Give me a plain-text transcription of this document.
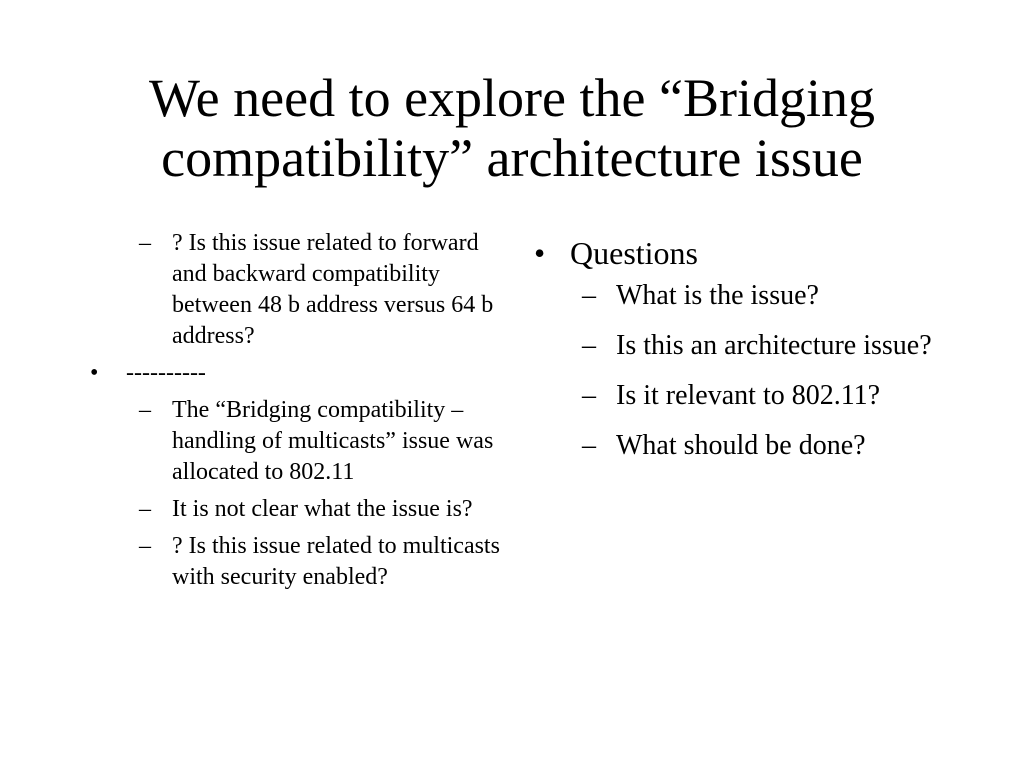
We need to explore the “Bridging
compatibility” architecture issue
– ? Is this issue related to forward and backward compatibility between 48 b address versus 64 b address?
• ----------
– The “Bridging compatibility – handling of multicasts” issue was allocated to 802.11
– It is not clear what the issue is?
– ? Is this issue related to multicasts with security enabled?
• Questions
– What is the issue?
– Is this an architecture issue?
– Is it relevant to 802.11?
– What should be done?
